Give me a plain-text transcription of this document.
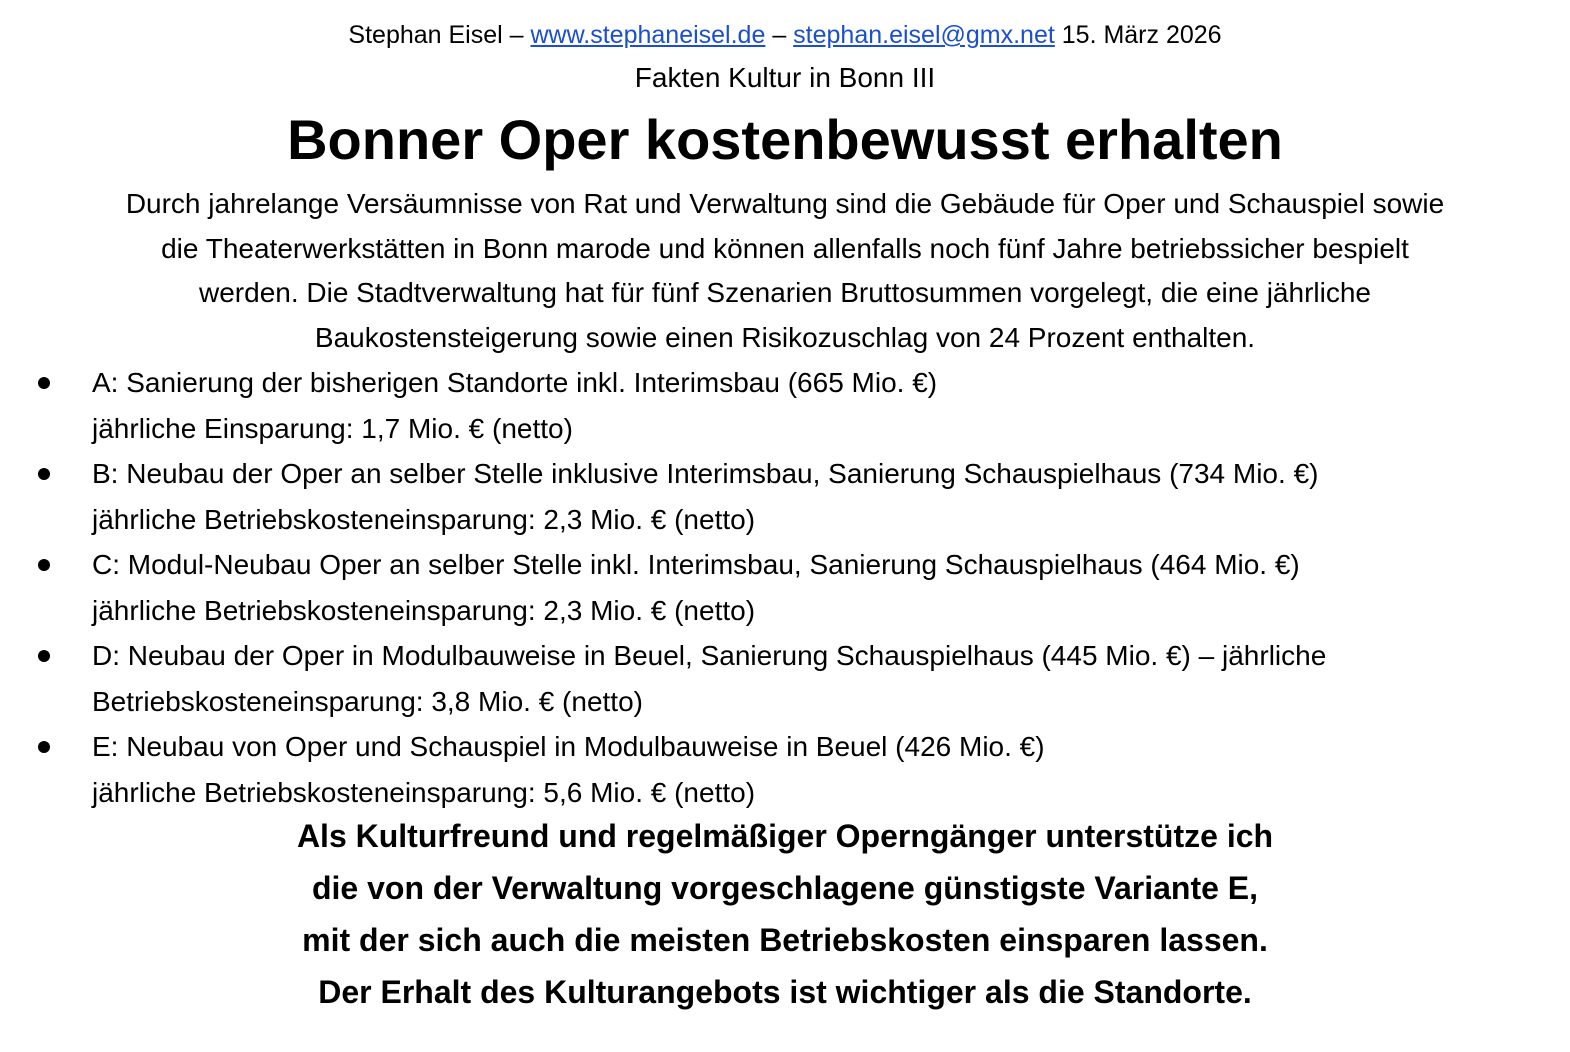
Stephan Eisel – www.stephaneisel.de – stephan.eisel@gmx.net 15. März 2026
Fakten Kultur in Bonn III
Bonner Oper kostenbewusst erhalten
Durch jahrelange Versäumnisse von Rat und Verwaltung sind die Gebäude für Oper und Schauspiel sowie
die Theaterwerkstätten in Bonn marode und können allenfalls noch fünf Jahre betriebssicher bespielt
werden. Die Stadtverwaltung hat für fünf Szenarien Bruttosummen vorgelegt, die eine jährliche
Baukostensteigerung sowie einen Risikozuschlag von 24 Prozent enthalten.
A: Sanierung der bisherigen Standorte inkl. Interimsbau (665 Mio. €)
jährliche Einsparung: 1,7 Mio. € (netto)
B: Neubau der Oper an selber Stelle inklusive Interimsbau, Sanierung Schauspielhaus (734 Mio. €)
jährliche Betriebskosteneinsparung: 2,3 Mio. € (netto)
C: Modul-Neubau Oper an selber Stelle inkl. Interimsbau, Sanierung Schauspielhaus (464 Mio. €)
jährliche Betriebskosteneinsparung: 2,3 Mio. € (netto)
D: Neubau der Oper in Modulbauweise in Beuel, Sanierung Schauspielhaus (445 Mio. €) – jährliche
Betriebskosteneinsparung: 3,8 Mio. € (netto)
E: Neubau von Oper und Schauspiel in Modulbauweise in Beuel (426 Mio. €)
jährliche Betriebskosteneinsparung: 5,6 Mio. € (netto)
Als Kulturfreund und regelmäßiger Operngänger unterstütze ich
die von der Verwaltung vorgeschlagene günstigste Variante E,
mit der sich auch die meisten Betriebskosten einsparen lassen.
Der Erhalt des Kulturangebots ist wichtiger als die Standorte.
